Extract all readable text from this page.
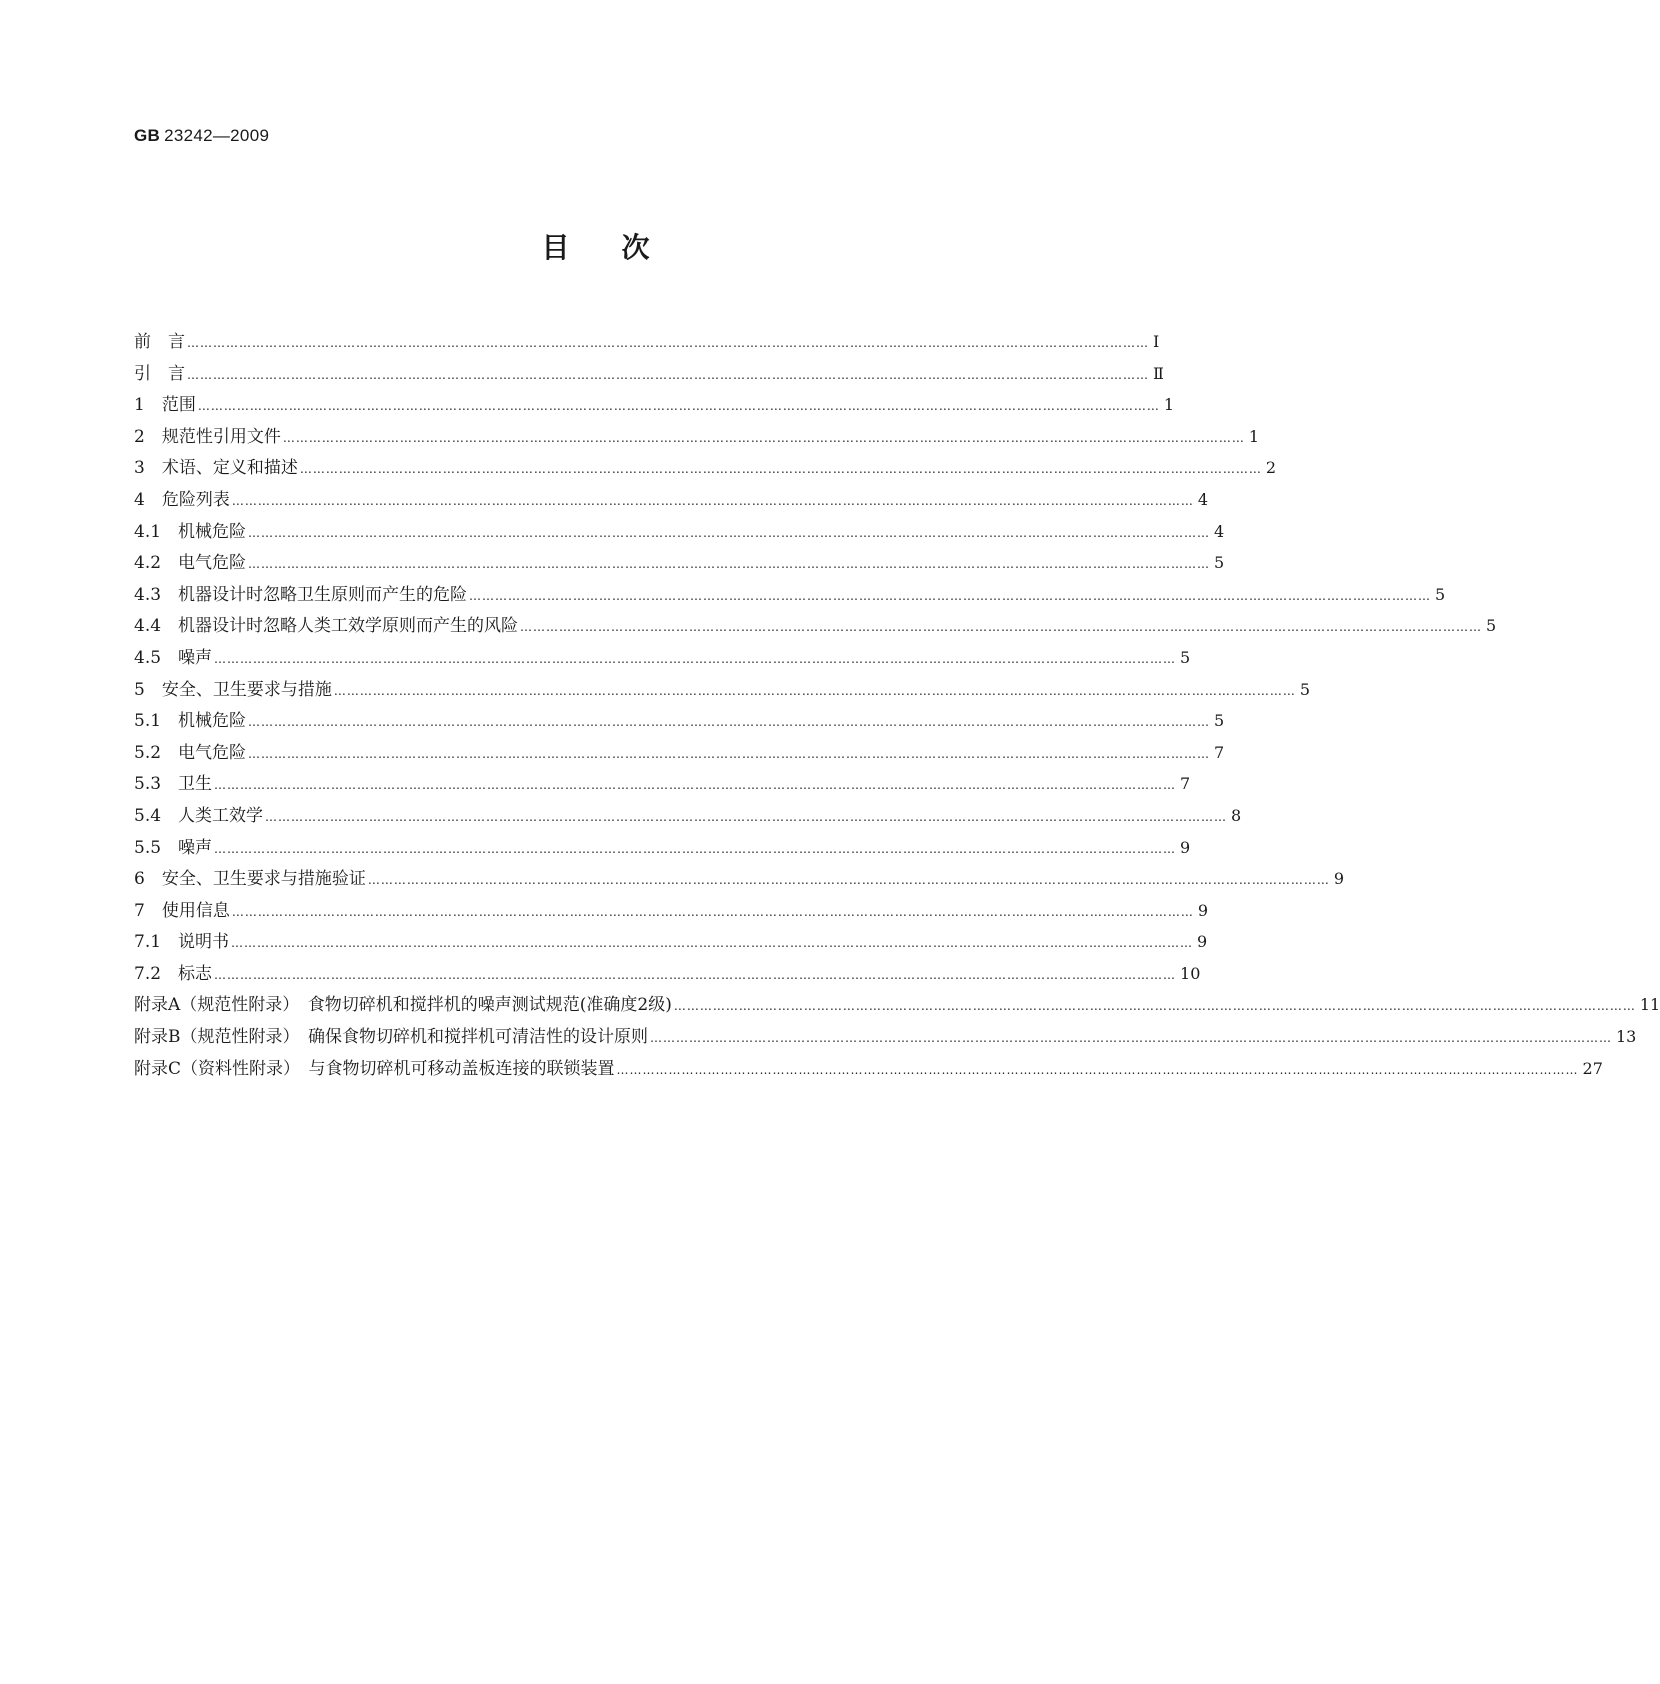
GB 23242—2009
目次
前　言 …………………………………………………………………………………………………………………………………………………………………………………………………… Ⅰ
引　言 …………………………………………………………………………………………………………………………………………………………………………………………………… Ⅱ
1　范围 …………………………………………………………………………………………………………………………………………………………………………………………………… 1
2　规范性引用文件 …………………………………………………………………………………………………………………………………………………………………………………………………… 1
3　术语、定义和描述 …………………………………………………………………………………………………………………………………………………………………………………………………… 2
4　危险列表 …………………………………………………………………………………………………………………………………………………………………………………………………… 4
4.1　机械危险 …………………………………………………………………………………………………………………………………………………………………………………………………… 4
4.2　电气危险 …………………………………………………………………………………………………………………………………………………………………………………………………… 5
4.3　机器设计时忽略卫生原则而产生的危险 …………………………………………………………………………………………………………………………………………………………………………………………………… 5
4.4　机器设计时忽略人类工效学原则而产生的风险 …………………………………………………………………………………………………………………………………………………………………………………………………… 5
4.5　噪声 …………………………………………………………………………………………………………………………………………………………………………………………………… 5
5　安全、卫生要求与措施 …………………………………………………………………………………………………………………………………………………………………………………………………… 5
5.1　机械危险 …………………………………………………………………………………………………………………………………………………………………………………………………… 5
5.2　电气危险 …………………………………………………………………………………………………………………………………………………………………………………………………… 7
5.3　卫生 …………………………………………………………………………………………………………………………………………………………………………………………………… 7
5.4　人类工效学 …………………………………………………………………………………………………………………………………………………………………………………………………… 8
5.5　噪声 …………………………………………………………………………………………………………………………………………………………………………………………………… 9
6　安全、卫生要求与措施验证 …………………………………………………………………………………………………………………………………………………………………………………………………… 9
7　使用信息 …………………………………………………………………………………………………………………………………………………………………………………………………… 9
7.1　说明书 …………………………………………………………………………………………………………………………………………………………………………………………………… 9
7.2　标志 …………………………………………………………………………………………………………………………………………………………………………………………………… 10
附录A（规范性附录）　食物切碎机和搅拌机的噪声测试规范(准确度2级) …………………………………………………………………………………………………………………………………………………………………………………………………… 11
附录B（规范性附录）　确保食物切碎机和搅拌机可清洁性的设计原则 …………………………………………………………………………………………………………………………………………………………………………………………………… 13
附录C（资料性附录）　与食物切碎机可移动盖板连接的联锁装置 …………………………………………………………………………………………………………………………………………………………………………………………………… 27
